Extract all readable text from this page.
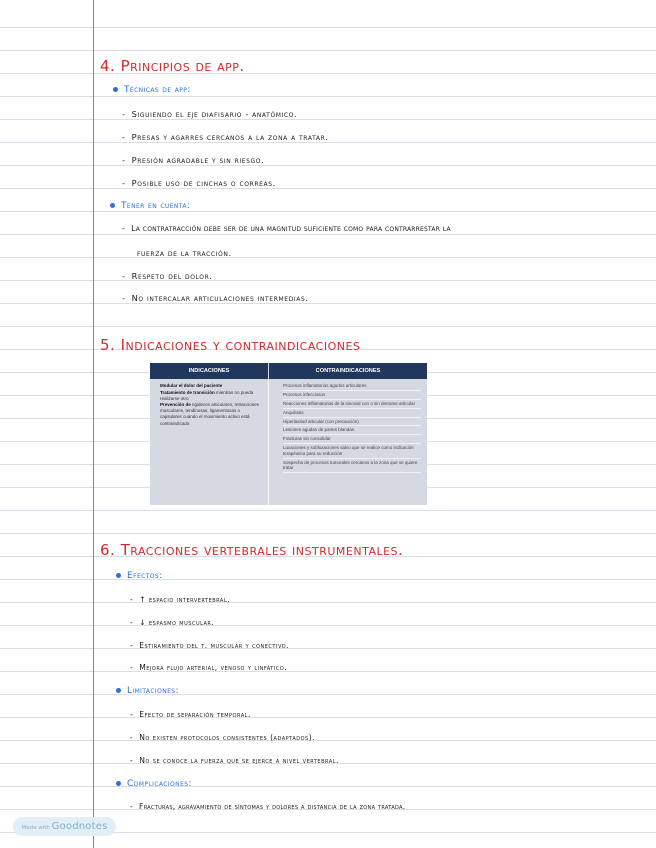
4. Principios de app.
Técnicas de app:
- Siguiendo el eje diafisario - anatómico.
- Presas y agarres cercanos a la zona a tratar.
- Presión agradable y sin riesgo.
- Posible uso de cinchas o correas.
Tener en cuenta:
- La contratracción debe ser de una magnitud suficiente como para contrarrestar la
fuerza de la tracción.
- Respeto del dolor.
- No intercalar articulaciones intermedias.
5. Indicaciones y contraindicaciones
INDICACIONES	CONTRAINDICACIONES

Modular el dolor del paciente

Tratamiento de transición mientras no pueda realizarse otro

Prevención de rigideces articulares, retracciones musculares, tendinosas, ligamentosas o capsulares cuando el movimiento activo está contraindicado

Procesos inflamatorios agudos articulares
Procesos infecciosos
Reacciones inflamatorias de la sinovial con o sin derrame articular
Anquilosis
Hiperlaxitud articular (con precaución)
Lesiones agudas de partes blandas
Fracturas sin consolidar
Luxaciones y subluxaciones salvo que se realice como indicación terapéutica para su reducción
Sospecha de procesos tumorales cercanos a la zona que se quiere tratar
6. Tracciones vertebrales instrumentales.
Efectos:
- ↑ espacio intervertebral.
- ↓ espasmo muscular.
- Estiramiento del t. muscular y conectivo.
- Mejora flujo arterial, venoso y linfático.
Limitaciones:
- Efecto de separación temporal.
- No existen protocolos consistentes (adaptados).
- No se conoce la fuerza que se ejerce a nivel vertebral.
Complicaciones:
- Fracturas, agravamiento de síntomas y dolores a distancia de la zona tratada.
Made with Goodnotes
